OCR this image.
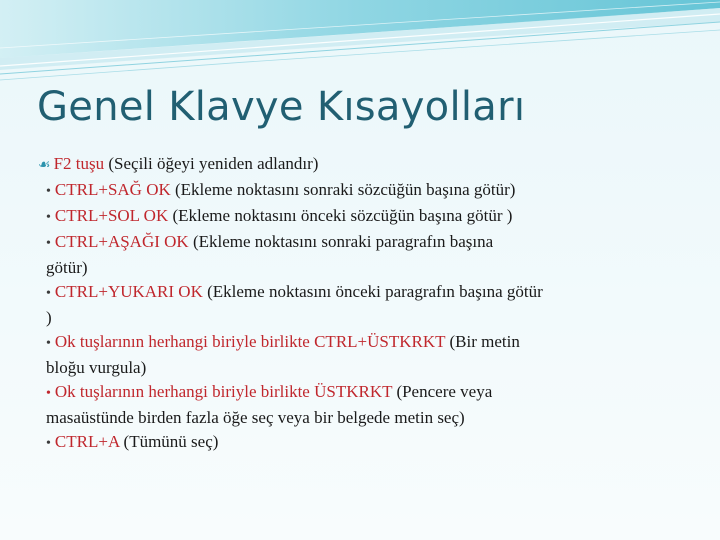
Genel Klavye Kısayolları
☙ F2 tuşu (Seçili öğeyi yeniden adlandır)
• CTRL+SAĞ OK (Ekleme noktasını sonraki sözcüğün başına götür)
• CTRL+SOL OK (Ekleme noktasını önceki sözcüğün başına götür )
• CTRL+AŞAĞI OK (Ekleme noktasını sonraki paragrafın başına
götür)
• CTRL+YUKARI OK (Ekleme noktasını önceki paragrafın başına götür
)
• Ok tuşlarının herhangi biriyle birlikte CTRL+ÜSTKRKT (Bir metin
bloğu vurgula)
• Ok tuşlarının herhangi biriyle birlikte ÜSTKRKT (Pencere veya
masaüstünde birden fazla öğe seç veya bir belgede metin seç)
• CTRL+A (Tümünü seç)
